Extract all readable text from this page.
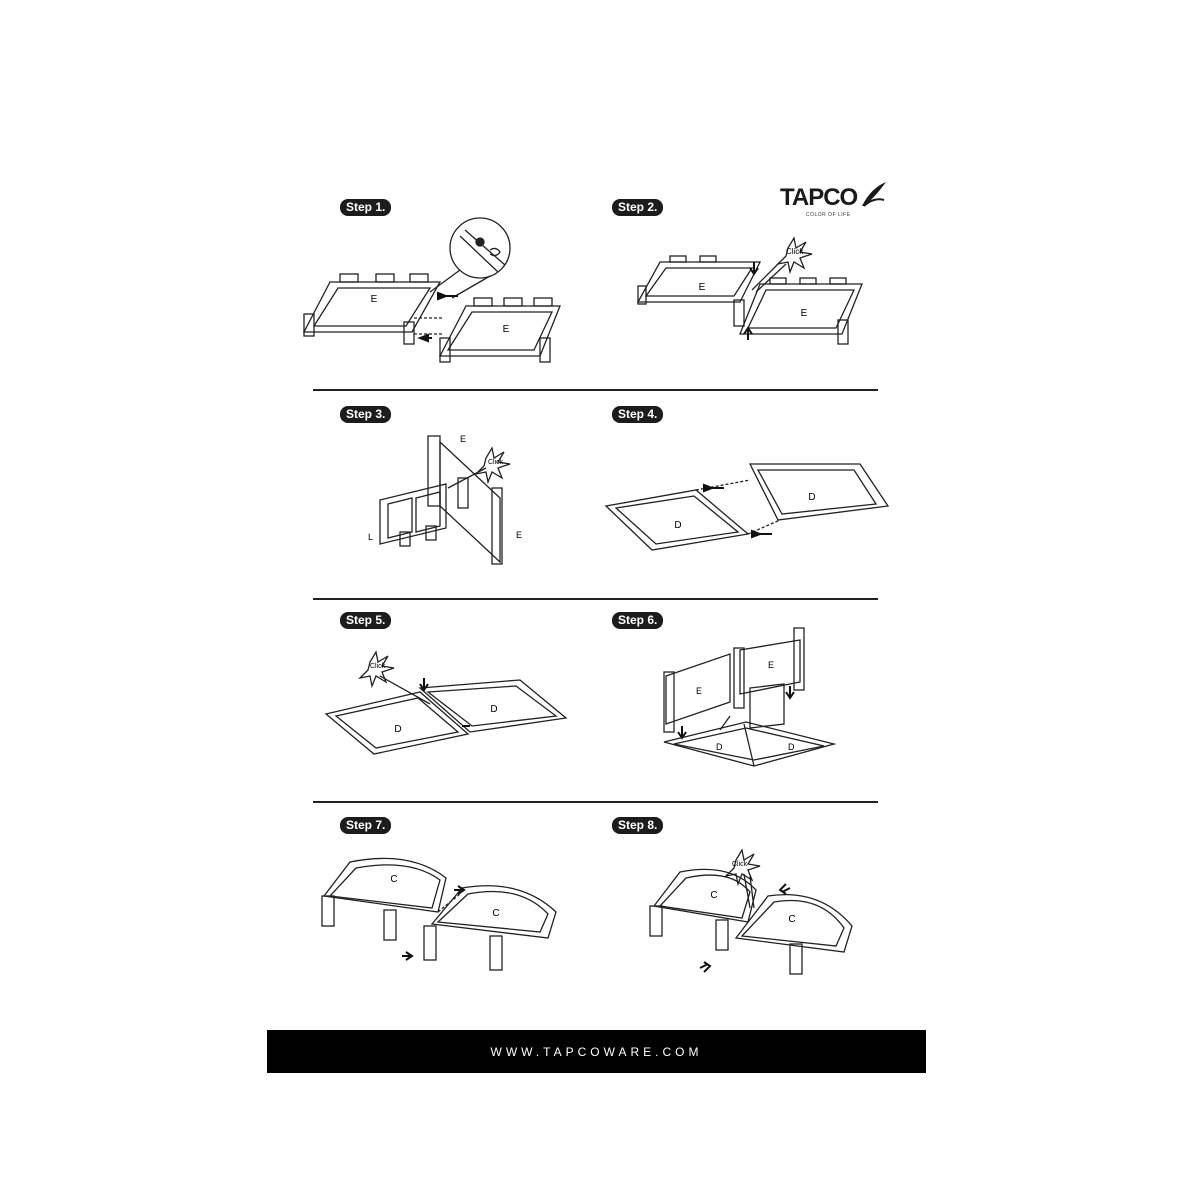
TAPCO
COLOR OF LIFE
Step 1.	Step 2.
Step 3.	Step 4.
Step 5.	Step 6.
Step 7.	Step 8.
E
E
Click
E
E
E
E
L
Click
D
D
Click
D
D
E
E
D	D
C
C
Click
C
C
WWW.TAPCOWARE.COM
